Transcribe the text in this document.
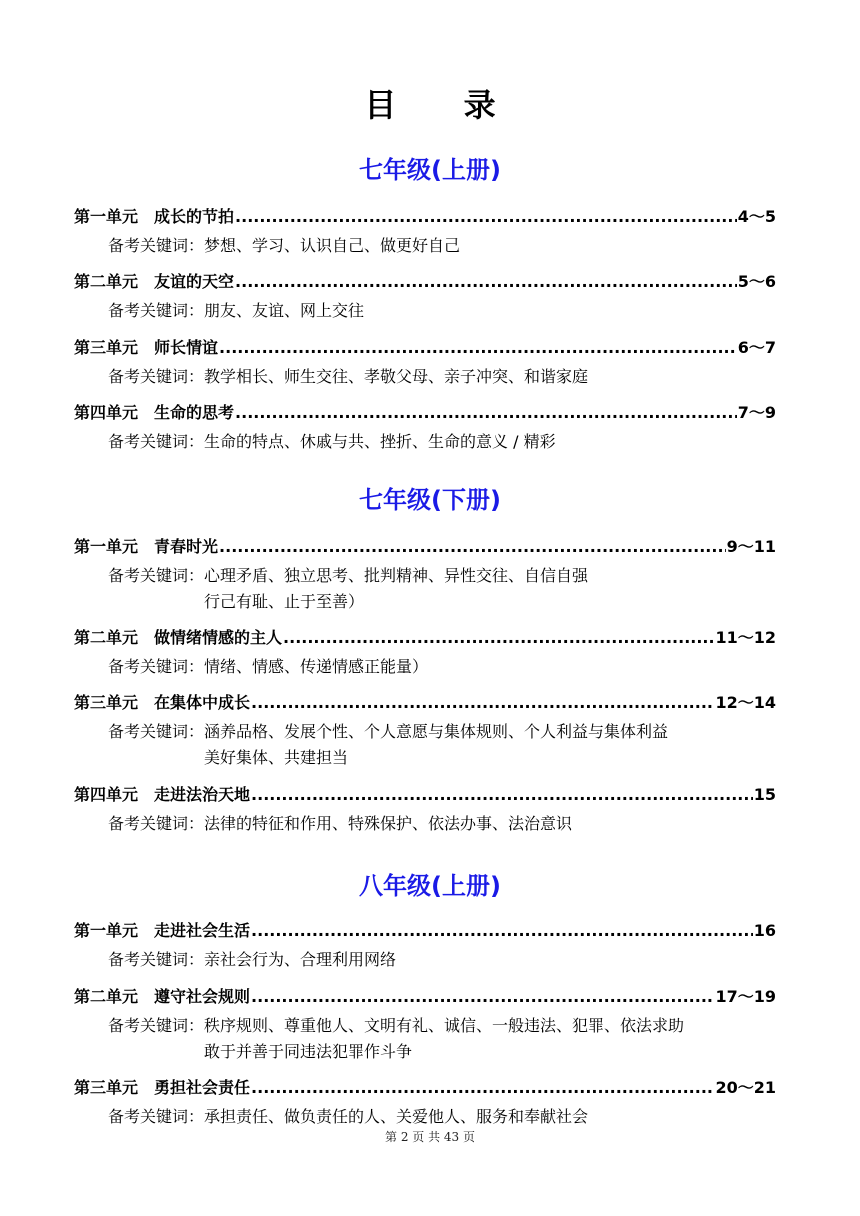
目 录
七年级(上册)
第一单元 成长的节拍 .....	4～5
备考关键词： 梦想、学习、认识自己、做更好自己
第二单元 友谊的天空 .....	5～6
备考关键词： 朋友、友谊、网上交往
第三单元 师长情谊 .....	6～7
备考关键词： 教学相长、师生交往、孝敬父母、亲子冲突、和谐家庭
第四单元 生命的思考 .....	7～9
备考关键词： 生命的特点、休戚与共、挫折、生命的意义 / 精彩
七年级(下册)
第一单元 青春时光 .....	9～11
备考关键词： 心理矛盾、独立思考、批判精神、异性交往、自信自强
行己有耻、止于至善）
第二单元 做情绪情感的主人 .....	11～12
备考关键词： 情绪、情感、传递情感正能量）
第三单元 在集体中成长 .....	12～14
备考关键词： 涵养品格、发展个性、个人意愿与集体规则、个人利益与集体利益
美好集体、共建担当
第四单元 走进法治天地 .....	15
备考关键词： 法律的特征和作用、特殊保护、依法办事、法治意识
八年级(上册)
第一单元 走进社会生活 .....	16
备考关键词： 亲社会行为、合理利用网络
第二单元 遵守社会规则 .....	17～19
备考关键词： 秩序规则、尊重他人、文明有礼、诚信、一般违法、犯罪、依法求助
敢于并善于同违法犯罪作斗争
第三单元 勇担社会责任 .....	20～21
备考关键词： 承担责任、做负责任的人、关爱他人、服务和奉献社会
第 2 页 共 43 页
